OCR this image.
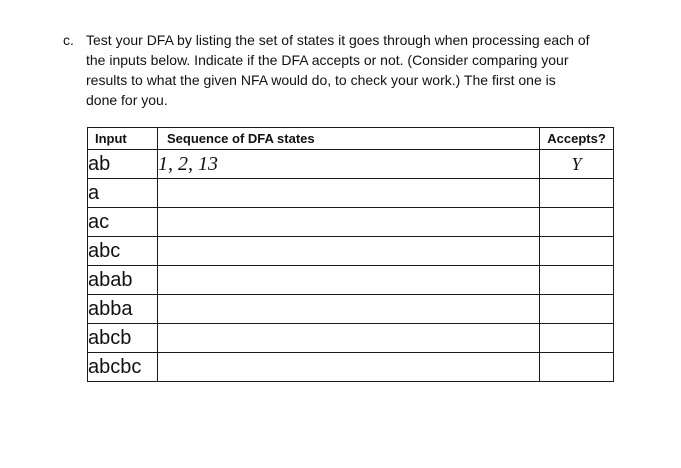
c. Test your DFA by listing the set of states it goes through when processing each of
the inputs below. Indicate if the DFA accepts or not. (Consider comparing your
results to what the given NFA would do, to check your work.) The first one is
done for you.
Input	Sequence of DFA states	Accepts?
ab	1, 2, 13	Y
a		
ac		
abc		
abab		
abba		
abcb		
abcbc		
